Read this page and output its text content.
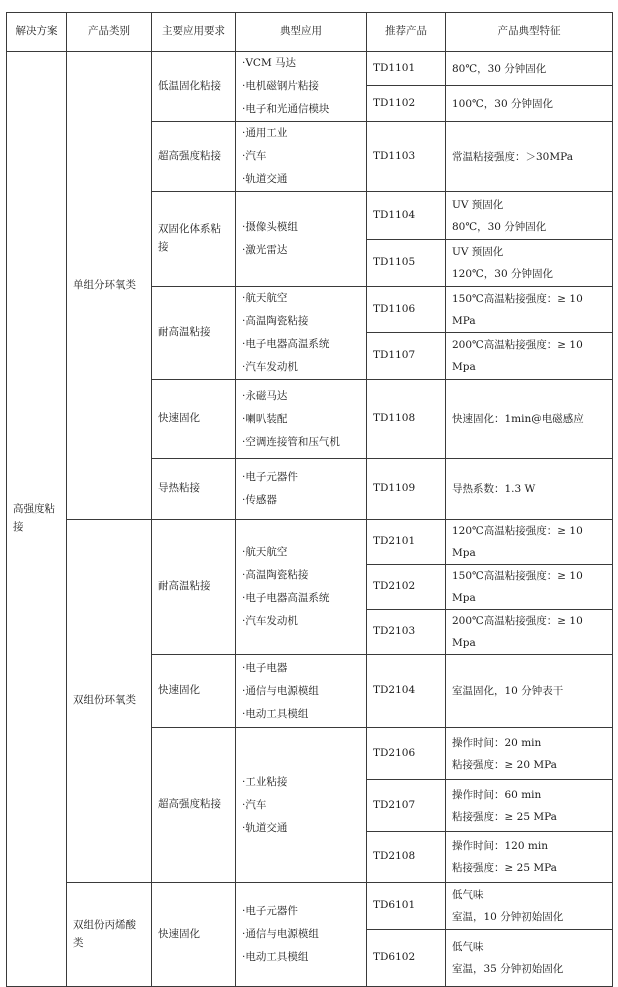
解决方案	产品类别	主要应用要求	典型应用	推荐产品	产品典型特征
高强度粘接	单组分环氧类	低温固化粘接	·VCM 马达
·电机磁钢片粘接
·电子和光通信模块	TD1101	80℃，30 分钟固化

				TD1102	100℃，30 分钟固化

		超高强度粘接	·通用工业
·汽车
·轨道交通	TD1103	常温粘接强度：＞30MPa

		双固化体系粘接	·摄像头模组
·激光雷达	TD1104	UV 预固化
80℃，30 分钟固化

				TD1105	UV 预固化
120℃，30 分钟固化

		耐高温粘接	·航天航空
·高温陶瓷粘接
·电子电器高温系统
·汽车发动机	TD1106	150℃高温粘接强度：≥ 10 MPa

				TD1107	200℃高温粘接强度：≥ 10 Mpa

		快速固化	·永磁马达
·喇叭装配
·空调连接管和压气机	TD1108	快速固化：1min@电磁感应

		导热粘接	·电子元器件
·传感器	TD1109	导热系数：1.3 W

	双组份环氧类	耐高温粘接	·航天航空
·高温陶瓷粘接
·电子电器高温系统
·汽车发动机	TD2101	120℃高温粘接强度：≥ 10 Mpa

				TD2102	150℃高温粘接强度：≥ 10 Mpa

				TD2103	200℃高温粘接强度：≥ 10 Mpa

		快速固化	·电子电器
·通信与电源模组
·电动工具模组	TD2104	室温固化，10 分钟表干

		超高强度粘接	·工业粘接
·汽车
·轨道交通	TD2106	操作时间：20 min
粘接强度：≥ 20 MPa

				TD2107	操作时间：60 min
粘接强度：≥ 25 MPa

				TD2108	操作时间：120 min
粘接强度：≥ 25 MPa

	双组份丙烯酸类	快速固化	·电子元器件
·通信与电源模组
·电动工具模组	TD6101	低气味
室温，10 分钟初始固化

				TD6102	低气味
室温，35 分钟初始固化
